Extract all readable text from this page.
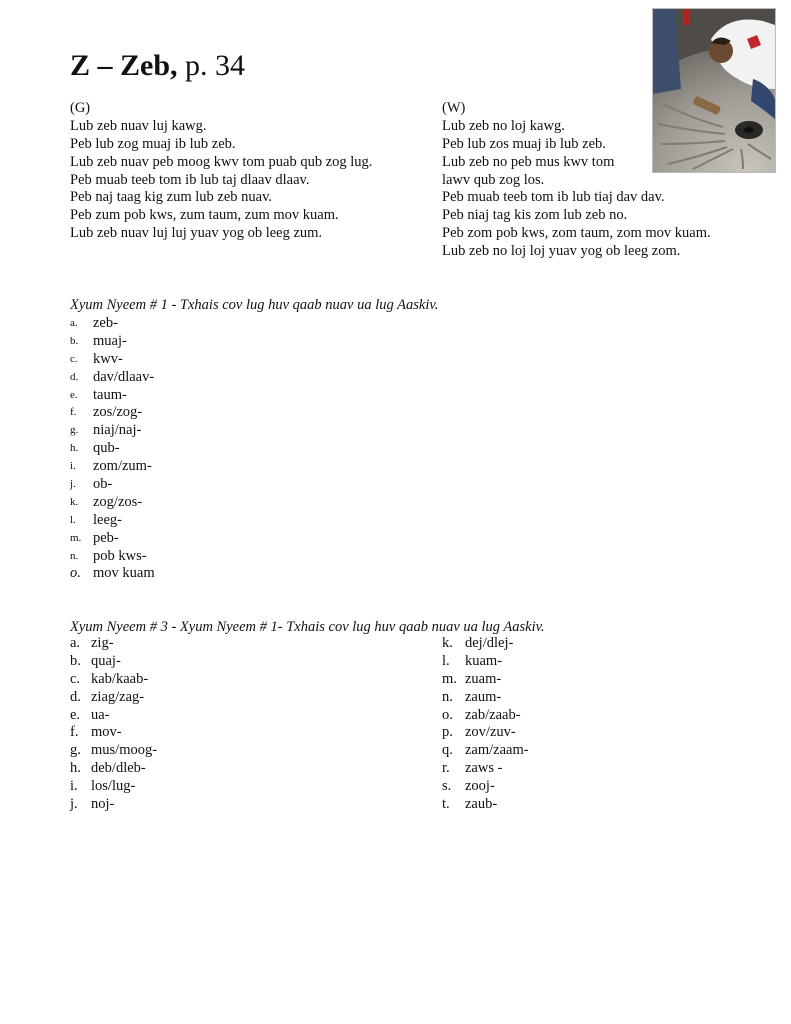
Z – Zeb, p. 34
(G)
Lub zeb nuav luj kawg.
Peb lub zog muaj ib lub zeb.
Lub zeb nuav peb moog kwv tom puab qub zog lug.
Peb muab teeb tom ib lub taj dlaav dlaav.
Peb naj taag kig zum lub zeb nuav.
Peb zum pob kws, zum taum, zum mov kuam.
Lub zeb nuav luj luj yuav yog ob leeg zum.
(W)
Lub zeb no loj kawg.
Peb lub zos muaj ib lub zeb.
Lub zeb no peb mus kwv tom
lawv qub zog los.
Peb muab teeb tom ib lub tiaj dav dav.
Peb niaj tag kis zom lub zeb no.
Peb zom pob kws, zom taum, zom mov kuam.
Lub zeb no loj loj yuav yog ob leeg zom.
Xyum Nyeem # 1 - Txhais cov lug huv qaab nuav ua lug Aaskiv.
a. zeb-
b. muaj-
c. kwv-
d. dav/dlaav-
e. taum-
f. zos/zog-
g. niaj/naj-
h. qub-
i. zom/zum-
j. ob-
k. zog/zos-
l. leeg-
m. peb-
n. pob kws-
o. mov kuam
Xyum Nyeem # 3 - Xyum Nyeem # 1- Txhais cov lug huv qaab nuav ua lug Aaskiv.
a. zig-
b. quaj-
c. kab/kaab-
d. ziag/zag-
e. ua-
f. mov-
g. mus/moog-
h. deb/dleb-
i. los/lug-
j. noj-
k. dej/dlej-
l. kuam-
m. zuam-
n. zaum-
o. zab/zaab-
p. zov/zuv-
q. zam/zaam-
r. zaws -
s. zooj-
t. zaub-
